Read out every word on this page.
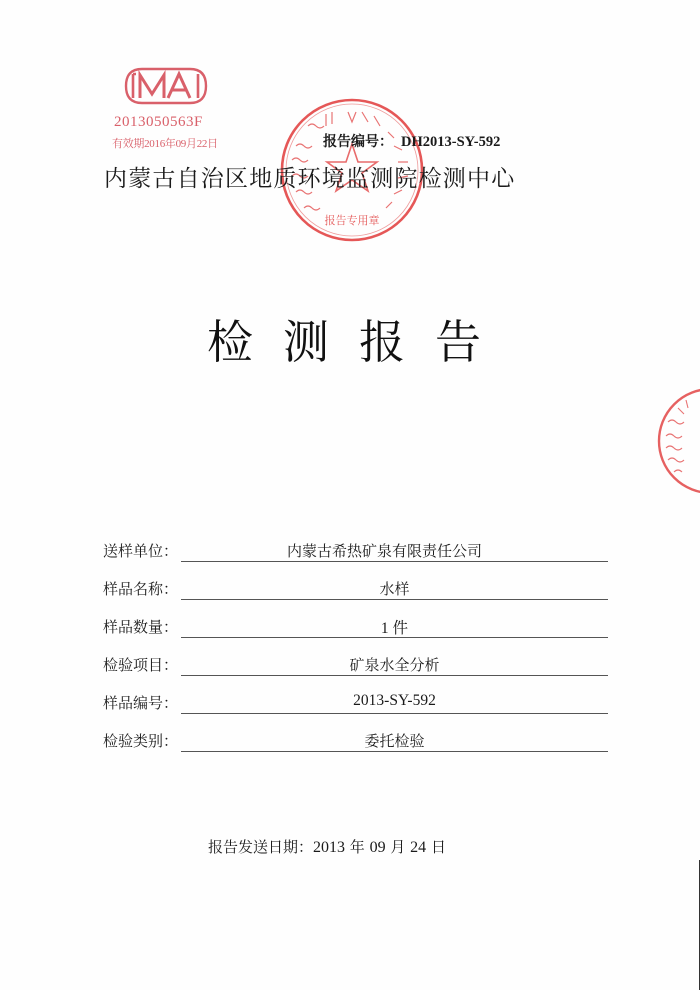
2013050563F
有效期2016年09月22日
报告专用章
报告编号： DH2013-SY-592
内蒙古自治区地质环境监测院检测中心
检测报告
送样单位：	内蒙古希热矿泉有限责任公司
样品名称：	水样
样品数量：	1 件
检验项目：	矿泉水全分析
样品编号：	2013-SY-592
检验类别：	委托检验
报告发送日期：2013 年 09 月 24 日
